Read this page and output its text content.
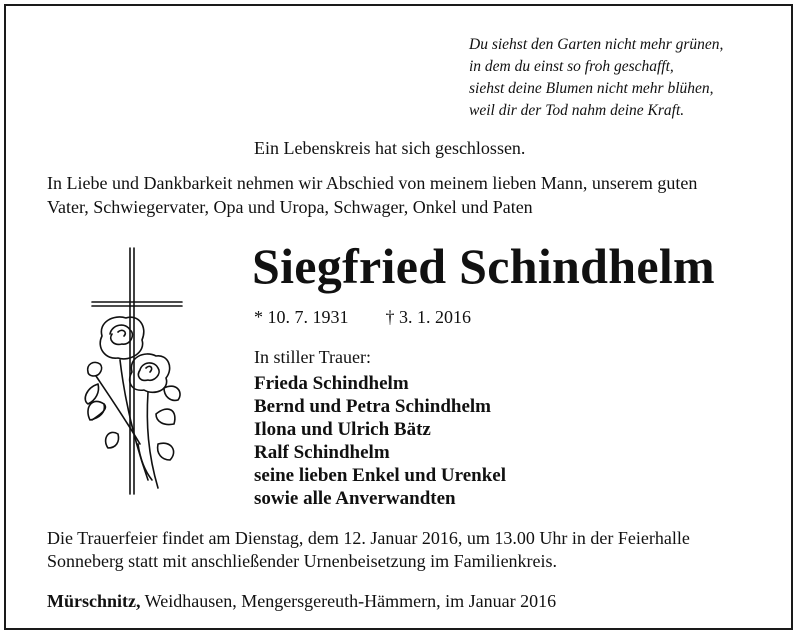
Du siehst den Garten nicht mehr grünen,
in dem du einst so froh geschafft,
siehst deine Blumen nicht mehr blühen,
weil dir der Tod nahm deine Kraft.
Ein Lebenskreis hat sich geschlossen.
In Liebe und Dankbarkeit nehmen wir Abschied von meinem lieben Mann, unserem guten
Vater, Schwiegervater, Opa und Uropa, Schwager, Onkel und Paten
Siegfried Schindhelm
* 10. 7. 1931 † 3. 1. 2016
In stiller Trauer:
Frieda Schindhelm
Bernd und Petra Schindhelm
Ilona und Ulrich Bätz
Ralf Schindhelm
seine lieben Enkel und Urenkel
sowie alle Anverwandten
Die Trauerfeier findet am Dienstag, dem 12. Januar 2016, um 13.00 Uhr in der Feierhalle
Sonneberg statt mit anschließender Urnenbeisetzung im Familienkreis.
Mürschnitz, Weidhausen, Mengersgereuth-Hämmern, im Januar 2016
